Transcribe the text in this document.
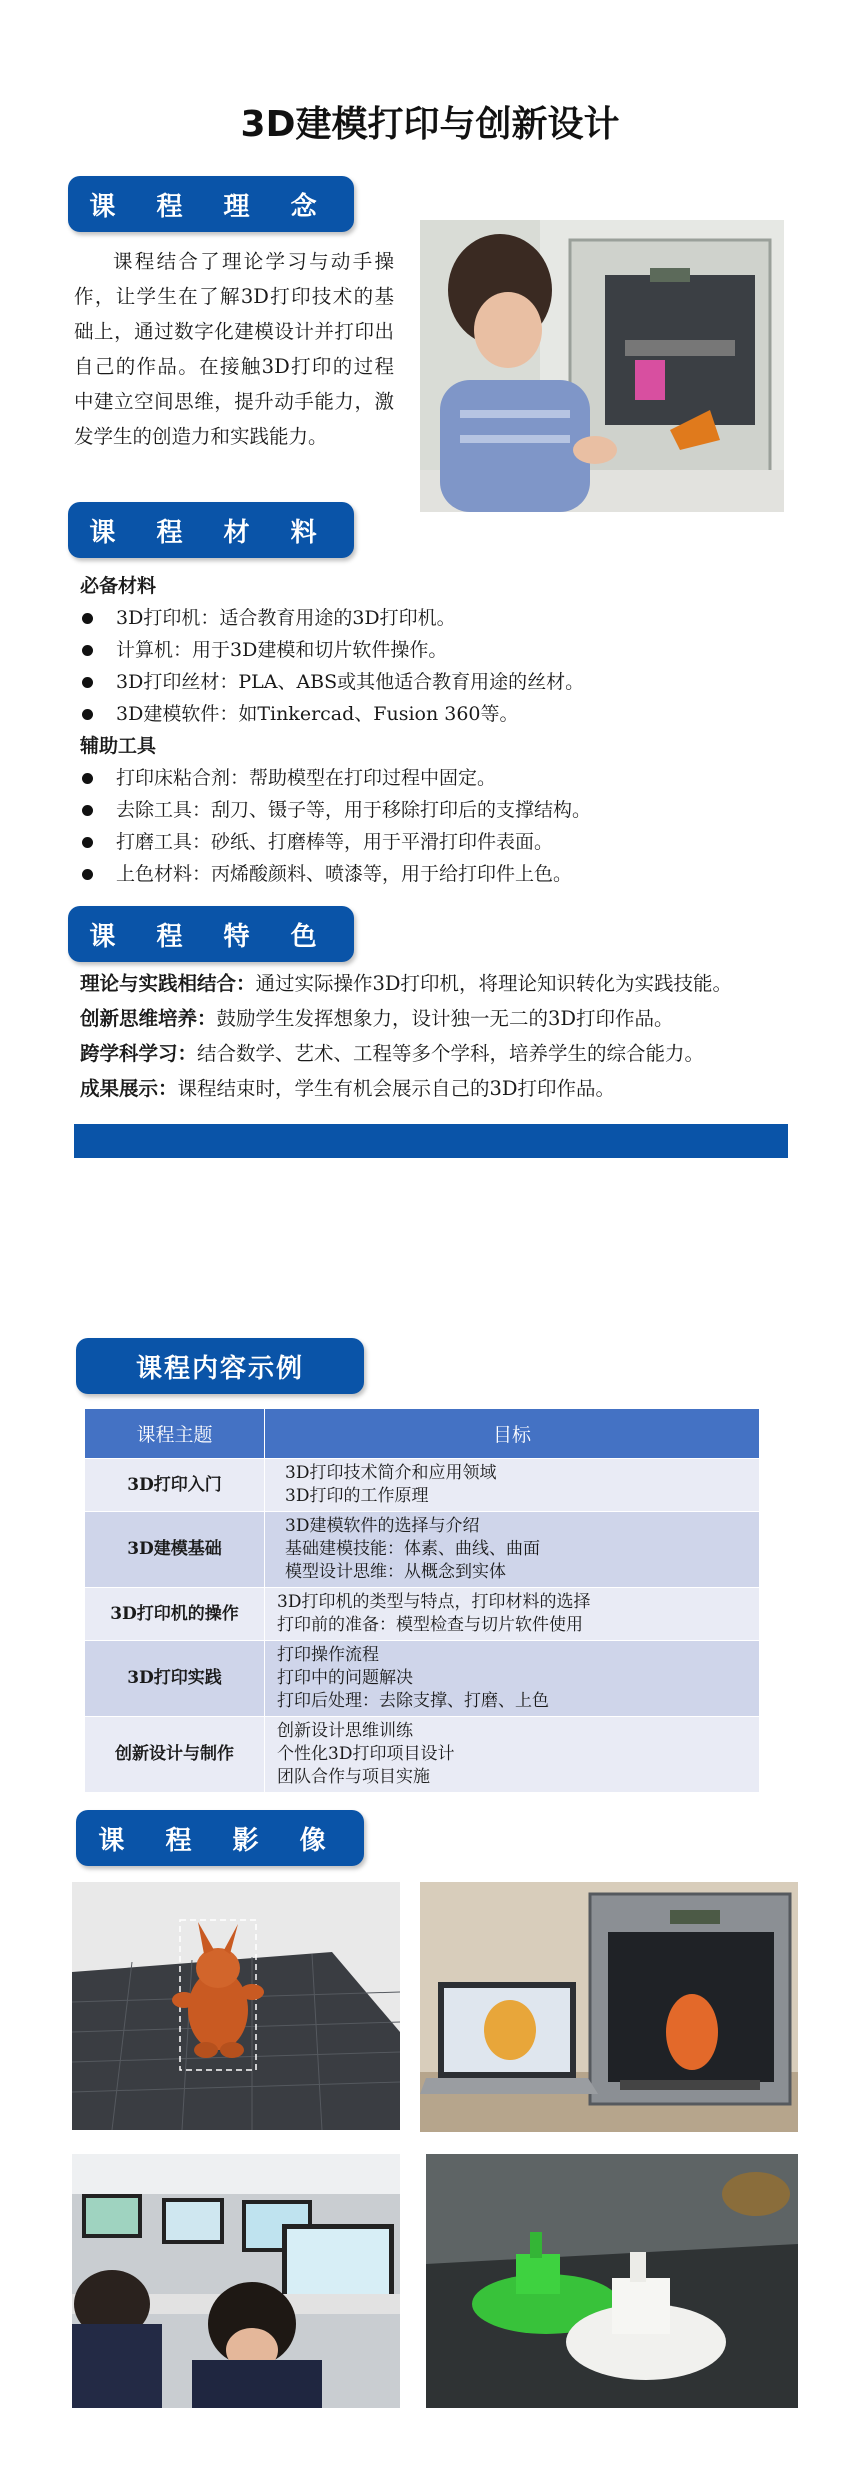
3D建模打印与创新设计
课 程 理 念
课程结合了理论学习与动手操作，让学生在了解3D打印技术的基础上，通过数字化建模设计并打印出自己的作品。在接触3D打印的过程中建立空间思维，提升动手能力，激发学生的创造力和实践能力。
课 程 材 料
必备材料
3D打印机：适合教育用途的3D打印机。
计算机：用于3D建模和切片软件操作。
3D打印丝材：PLA、ABS或其他适合教育用途的丝材。
3D建模软件：如Tinkercad、Fusion 360等。
辅助工具
打印床粘合剂：帮助模型在打印过程中固定。
去除工具：刮刀、镊子等，用于移除打印后的支撑结构。
打磨工具：砂纸、打磨棒等，用于平滑打印件表面。
上色材料：丙烯酸颜料、喷漆等，用于给打印件上色。
课 程 特 色
理论与实践相结合：通过实际操作3D打印机，将理论知识转化为实践技能。
创新思维培养：鼓励学生发挥想象力，设计独一无二的3D打印作品。
跨学科学习：结合数学、艺术、工程等多个学科，培养学生的综合能力。
成果展示：课程结束时，学生有机会展示自己的3D打印作品。
课程内容示例
课程主题	目标
3D打印入门	3D打印技术简介和应用领域
3D打印的工作原理

3D建模基础	3D建模软件的选择与介绍
基础建模技能：体素、曲线、曲面
模型设计思维：从概念到实体

3D打印机的操作	3D打印机的类型与特点，打印材料的选择
打印前的准备：模型检查与切片软件使用

3D打印实践	打印操作流程
打印中的问题解决
打印后处理：去除支撑、打磨、上色

创新设计与制作	创新设计思维训练
个性化3D打印项目设计
团队合作与项目实施
课 程 影 像
